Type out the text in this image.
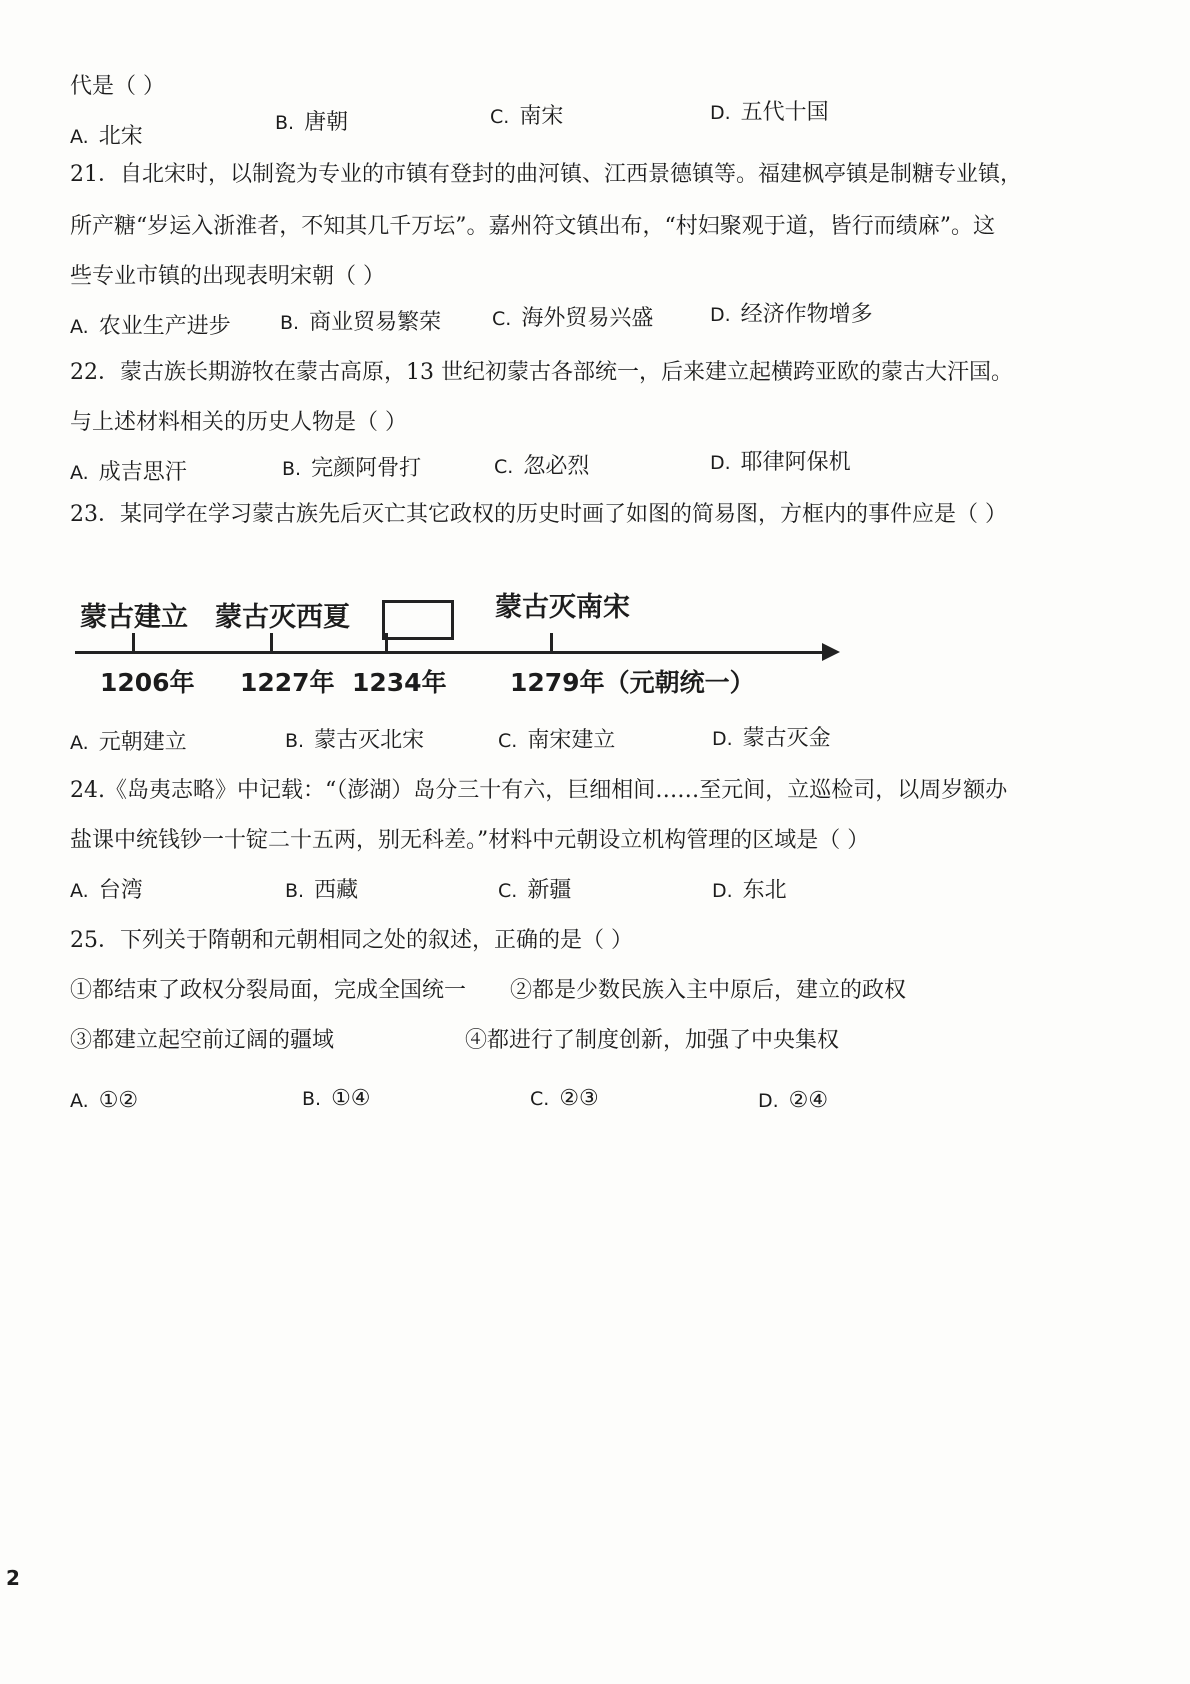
代是（ ）
A. 北宋
B. 唐朝	C. 南宋	D. 五代十国
21．自北宋时，以制瓷为专业的市镇有登封的曲河镇、江西景德镇等。福建枫亭镇是制糖专业镇，
所产糖“岁运入浙淮者，不知其几千万坛”。嘉州符文镇出布，“村妇聚观于道，皆行而绩麻”。这
些专业市镇的出现表明宋朝（ ）
A. 农业生产进步	B. 商业贸易繁荣	C. 海外贸易兴盛	D. 经济作物增多
22．蒙古族长期游牧在蒙古高原，13 世纪初蒙古各部统一，后来建立起横跨亚欧的蒙古大汗国。
与上述材料相关的历史人物是（ ）
A. 成吉思汗	B. 完颜阿骨打	C. 忽必烈	D. 耶律阿保机
23．某同学在学习蒙古族先后灭亡其它政权的历史时画了如图的简易图，方框内的事件应是（ ）
蒙古建立 蒙古灭西夏	蒙古灭南宋
1206年 1227年 1234年	1279年（元朝统一）
A. 元朝建立	B. 蒙古灭北宋	C. 南宋建立	D. 蒙古灭金
24.《岛夷志略》中记载：“（澎湖）岛分三十有六，巨细相间……至元间，立巡检司，以周岁额办
盐课中统钱钞一十锭二十五两，别无科差。”材料中元朝设立机构管理的区域是（ ）
A. 台湾	B. 西藏	C. 新疆	D. 东北
25．下列关于隋朝和元朝相同之处的叙述，正确的是（ ）
①都结束了政权分裂局面，完成全国统一 ②都是少数民族入主中原后，建立的政权
③都建立起空前辽阔的疆域	④都进行了制度创新，加强了中央集权
A. ①②	B. ①④	C. ②③	D. ②④
2
